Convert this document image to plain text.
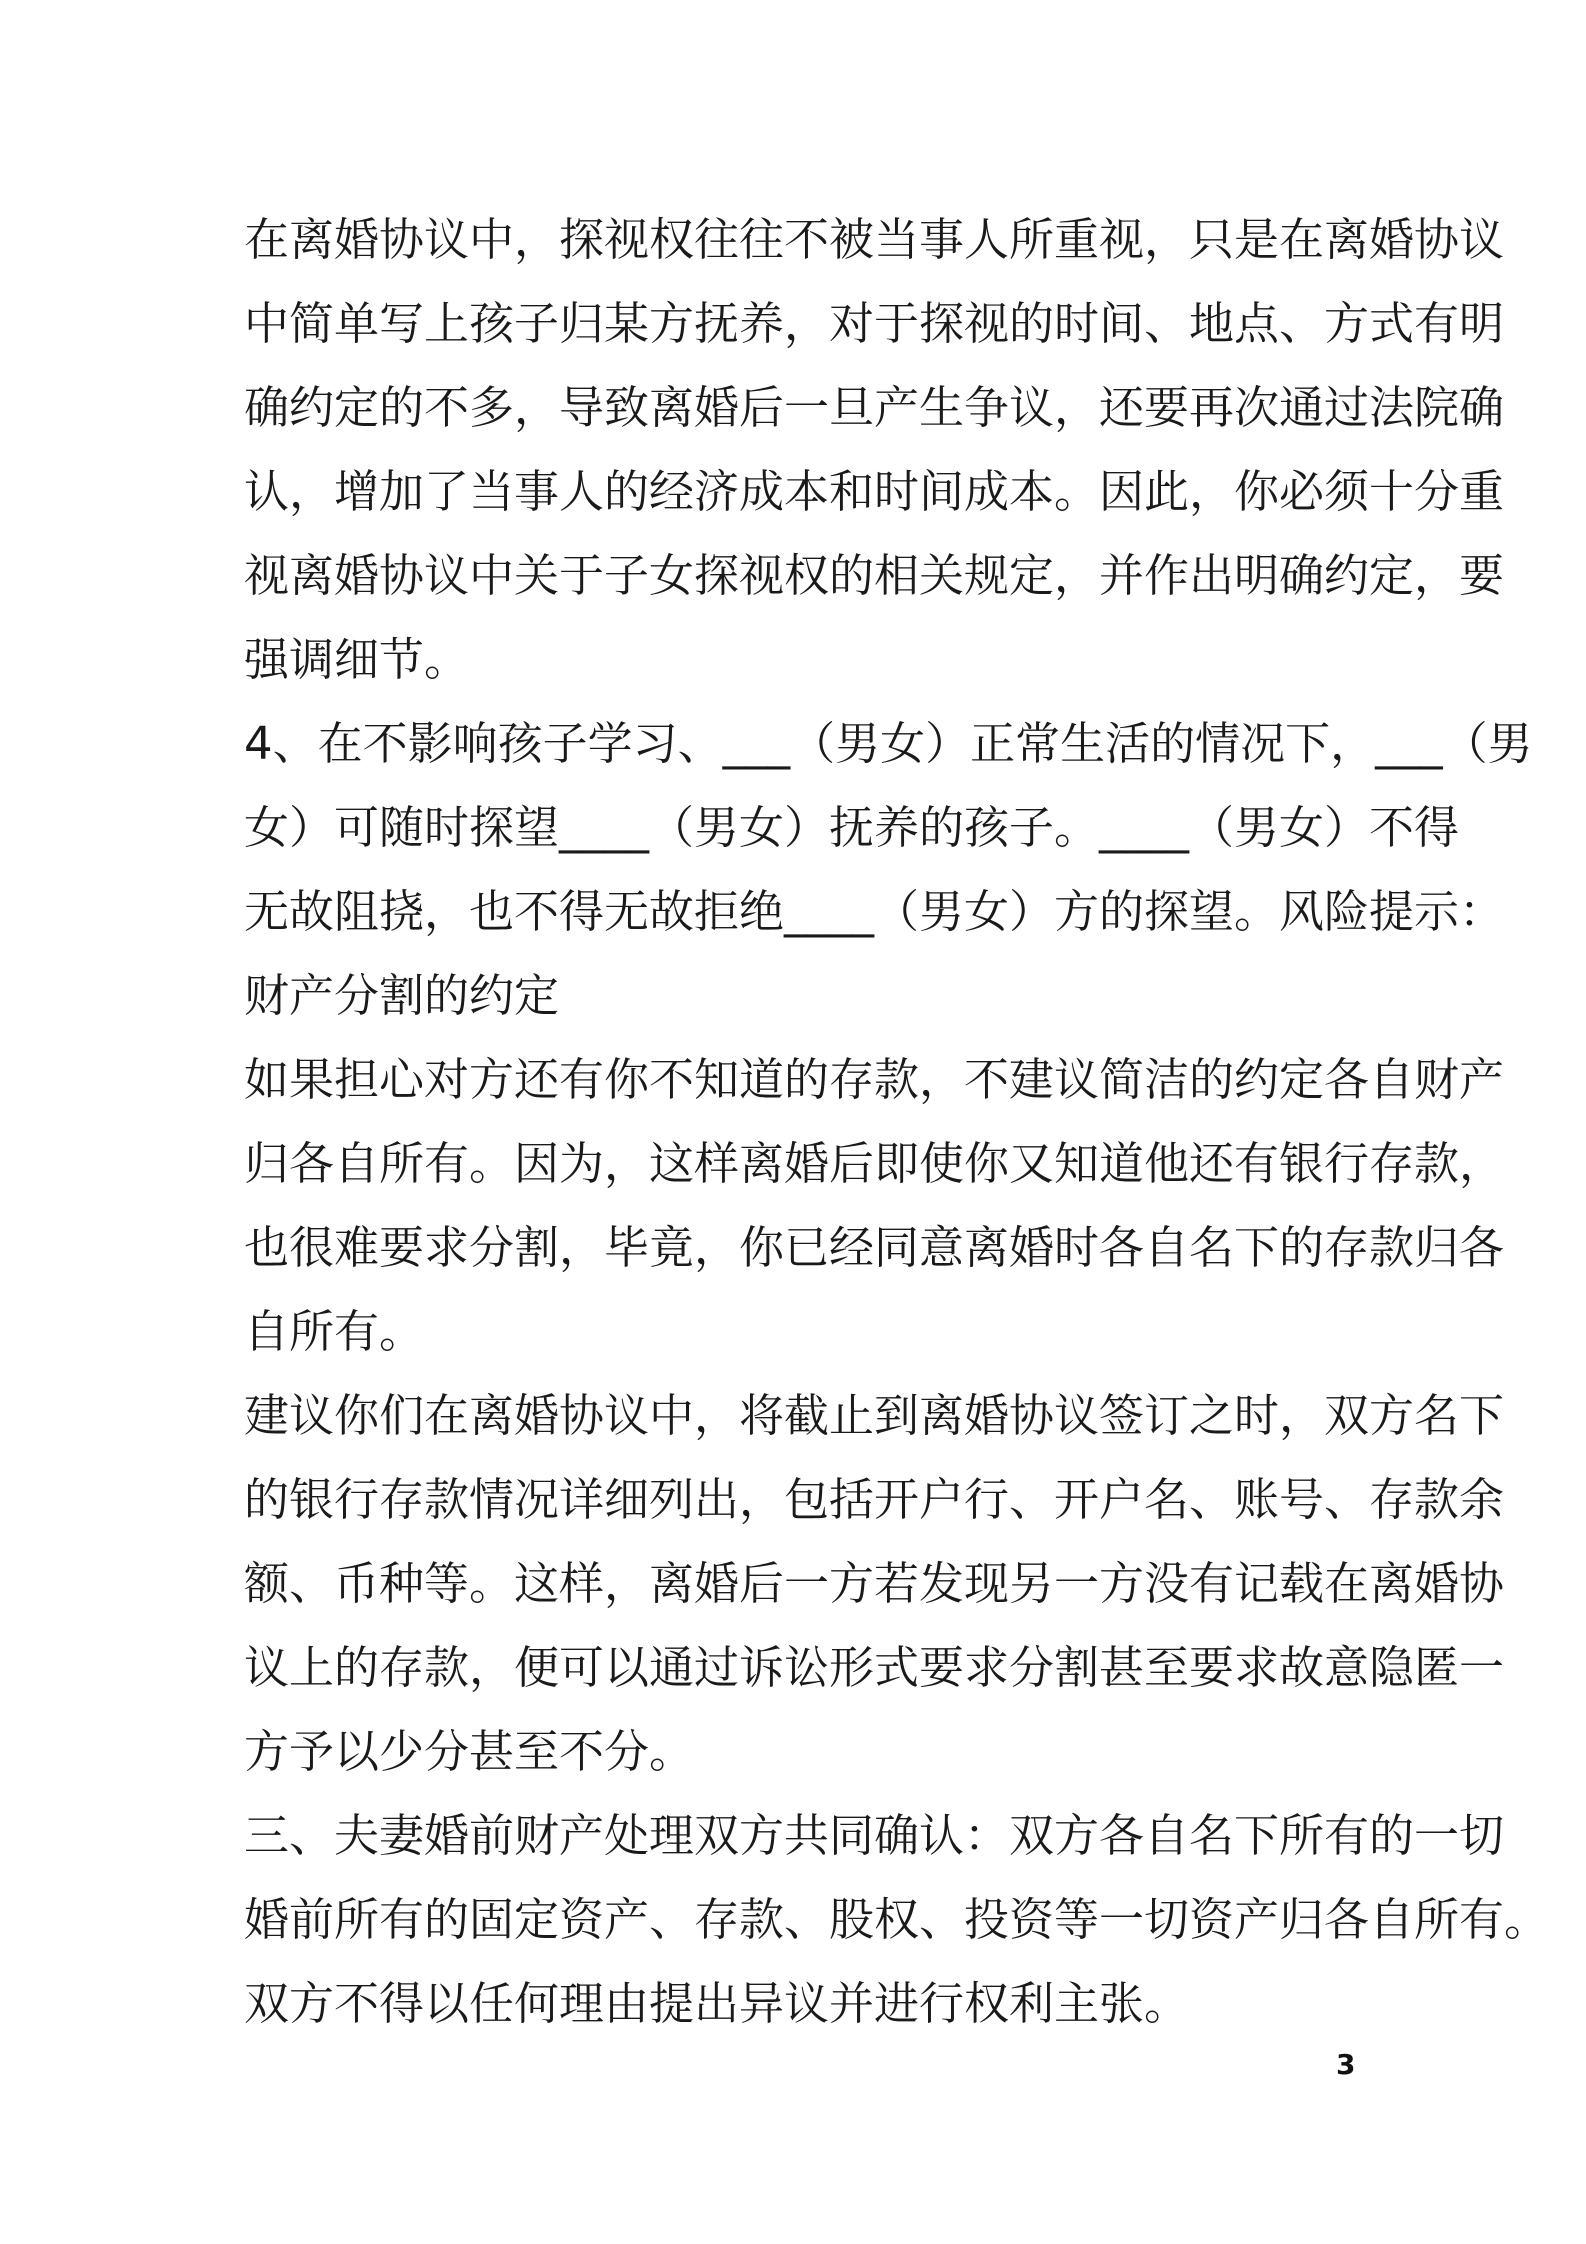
在离婚协议中，探视权往往不被当事人所重视，只是在离婚协议
中简单写上孩子归某方抚养，对于探视的时间、地点、方式有明
确约定的不多，导致离婚后一旦产生争议，还要再次通过法院确
认，增加了当事人的经济成本和时间成本。因此，你必须十分重
视离婚协议中关于子女探视权的相关规定，并作出明确约定，要
强调细节。
4、在不影响孩子学习、___（男女）正常生活的情况下，___（男
女）可随时探望____（男女）抚养的孩子。____（男女）不得
无故阻挠，也不得无故拒绝____（男女）方的探望。风险提示：
财产分割的约定
如果担心对方还有你不知道的存款，不建议简洁的约定各自财产
归各自所有。因为，这样离婚后即使你又知道他还有银行存款，
也很难要求分割，毕竟，你已经同意离婚时各自名下的存款归各
自所有。
建议你们在离婚协议中，将截止到离婚协议签订之时，双方名下
的银行存款情况详细列出，包括开户行、开户名、账号、存款余
额、币种等。这样，离婚后一方若发现另一方没有记载在离婚协
议上的存款，便可以通过诉讼形式要求分割甚至要求故意隐匿一
方予以少分甚至不分。
三、夫妻婚前财产处理双方共同确认：双方各自名下所有的一切
婚前所有的固定资产、存款、股权、投资等一切资产归各自所有。
双方不得以任何理由提出异议并进行权利主张。
3
